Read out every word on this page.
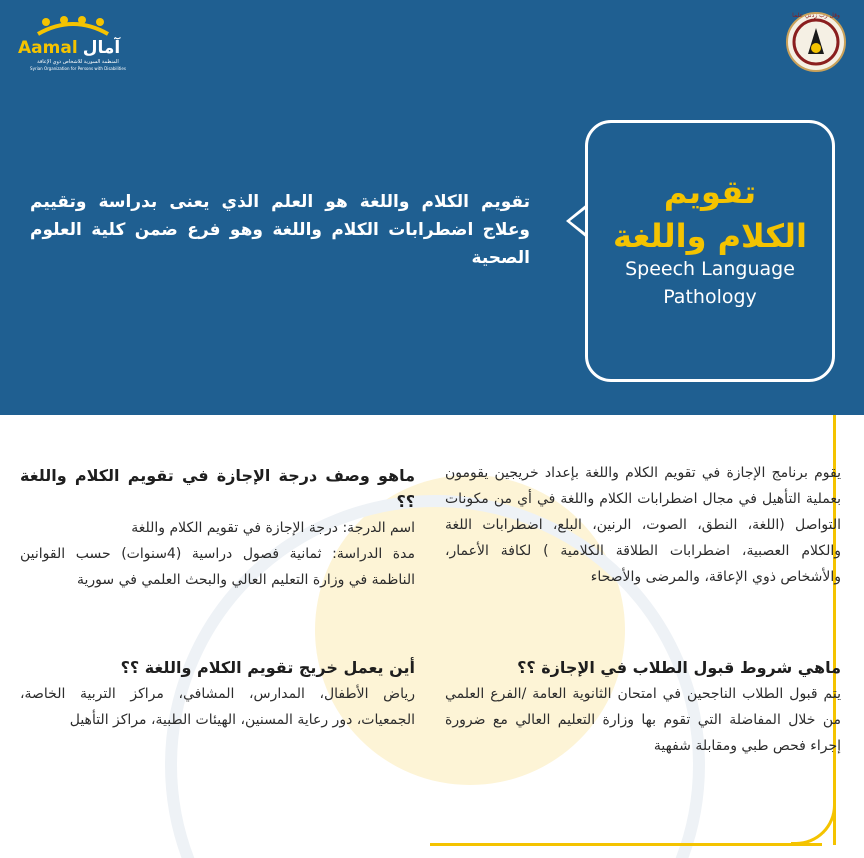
Aamal آمال
المنظمة السورية للأشخاص ذوي الإعاقة
Syrian Organization for Persons with Disabilities
وقل رب زدني علما
تقويم
الكلام واللغة
Speech Language
Pathology
تقويم الكلام واللغة هو العلم الذي يعنى بدراسة وتقييم وعلاج اضطرابات الكلام واللغة وهو فرع ضمن كلية العلوم الصحية
يقوم برنامج الإجازة في تقويم الكلام واللغة بإعداد خريجين يقومون بعملية التأهيل في مجال اضطرابات الكلام واللغة في أي من مكونات التواصل (اللغة، النطق، الصوت، الرنين، البلع، اضطرابات اللغة والكلام العصبية، اضطرابات الطلاقة الكلامية ) لكافة الأعمار، والأشخاص ذوي الإعاقة، والمرضى والأصحاء
ماهي شروط قبول الطلاب في الإجازة ؟؟
يتم قبول الطلاب الناجحين في امتحان الثانوية العامة /الفرع العلمي من خلال المفاضلة التي تقوم بها وزارة التعليم العالي مع ضرورة إجراء فحص طبي ومقابلة شفهية
ماهو وصف درجة الإجازة في تقويم الكلام واللغة ؟؟
اسم الدرجة: درجة الإجازة في تقويم الكلام واللغة
مدة الدراسة: ثمانية فصول دراسية (4سنوات) حسب القوانين الناظمة في وزارة التعليم العالي والبحث العلمي في سورية
أين يعمل خريج تقويم الكلام واللغة ؟؟
رياض الأطفال، المدارس، المشافي، مراكز التربية الخاصة، الجمعيات، دور رعاية المسنين، الهيئات الطبية، مراكز التأهيل
